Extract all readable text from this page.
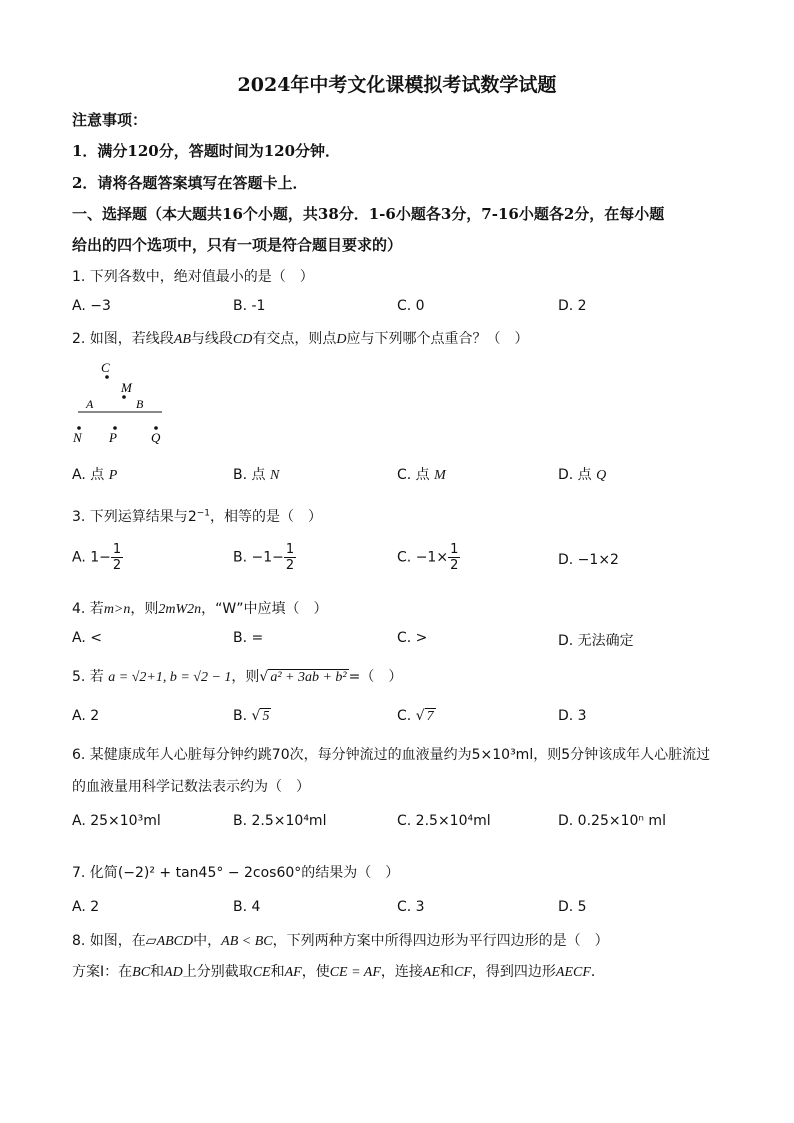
2024年中考文化课模拟考试数学试题
注意事项：
1．满分120分，答题时间为120分钟．
2．请将各题答案填写在答题卡上．
一、选择题（本大题共16个小题，共38分．1-6小题各3分，7-16小题各2分，在每小题
给出的四个选项中，只有一项是符合题目要求的）
1. 下列各数中，绝对值最小的是（　）
A. −3	B. -1	C. 0	D. 2
2. 如图，若线段AB与线段CD有交点，则点D应与下列哪个点重合？（　）
C
M
A	B
N P	Q
A. 点 P	B. 点 N	C. 点 M	D. 点 Q
3. 下列运算结果与$2^{-1}$，相等的是（　）
A. $1- \frac{1}{2}$	B. $-1- \frac{1}{2}$	C. $-1\times \frac{1}{2}$	D. −1×2
4. 若m>n，则2mW2n，“W”中应填（　）
A. <	B. =	C. >	D. 无法确定
5. 若 a = √2+1, b = √2 − 1，则√ a² + 3ab + b² =（　）
A. 2	B. √ 5	C. √ 7	D. 3
6. 某健康成年人心脏每分钟约跳70次，每分钟流过的血液量约为5×10³ml，则5分钟该成年人心脏流过
的血液量用科学记数法表示约为（　）
A. 25×10³ml	B. 2.5×10⁴ml	C. 2.5×10⁴ml	D. 0.25×10ⁿ ml
7. 化简(−2)² + tan45° − 2cos60°的结果为（　）
A. 2	B. 4	C. 3	D. 5
8. 如图，在▱ABCD中，AB < BC，下列两种方案中所得四边形为平行四边形的是（　）
方案Ⅰ：在BC和AD上分别截取CE和AF，使CE = AF，连接AE和CF，得到四边形AECF．
